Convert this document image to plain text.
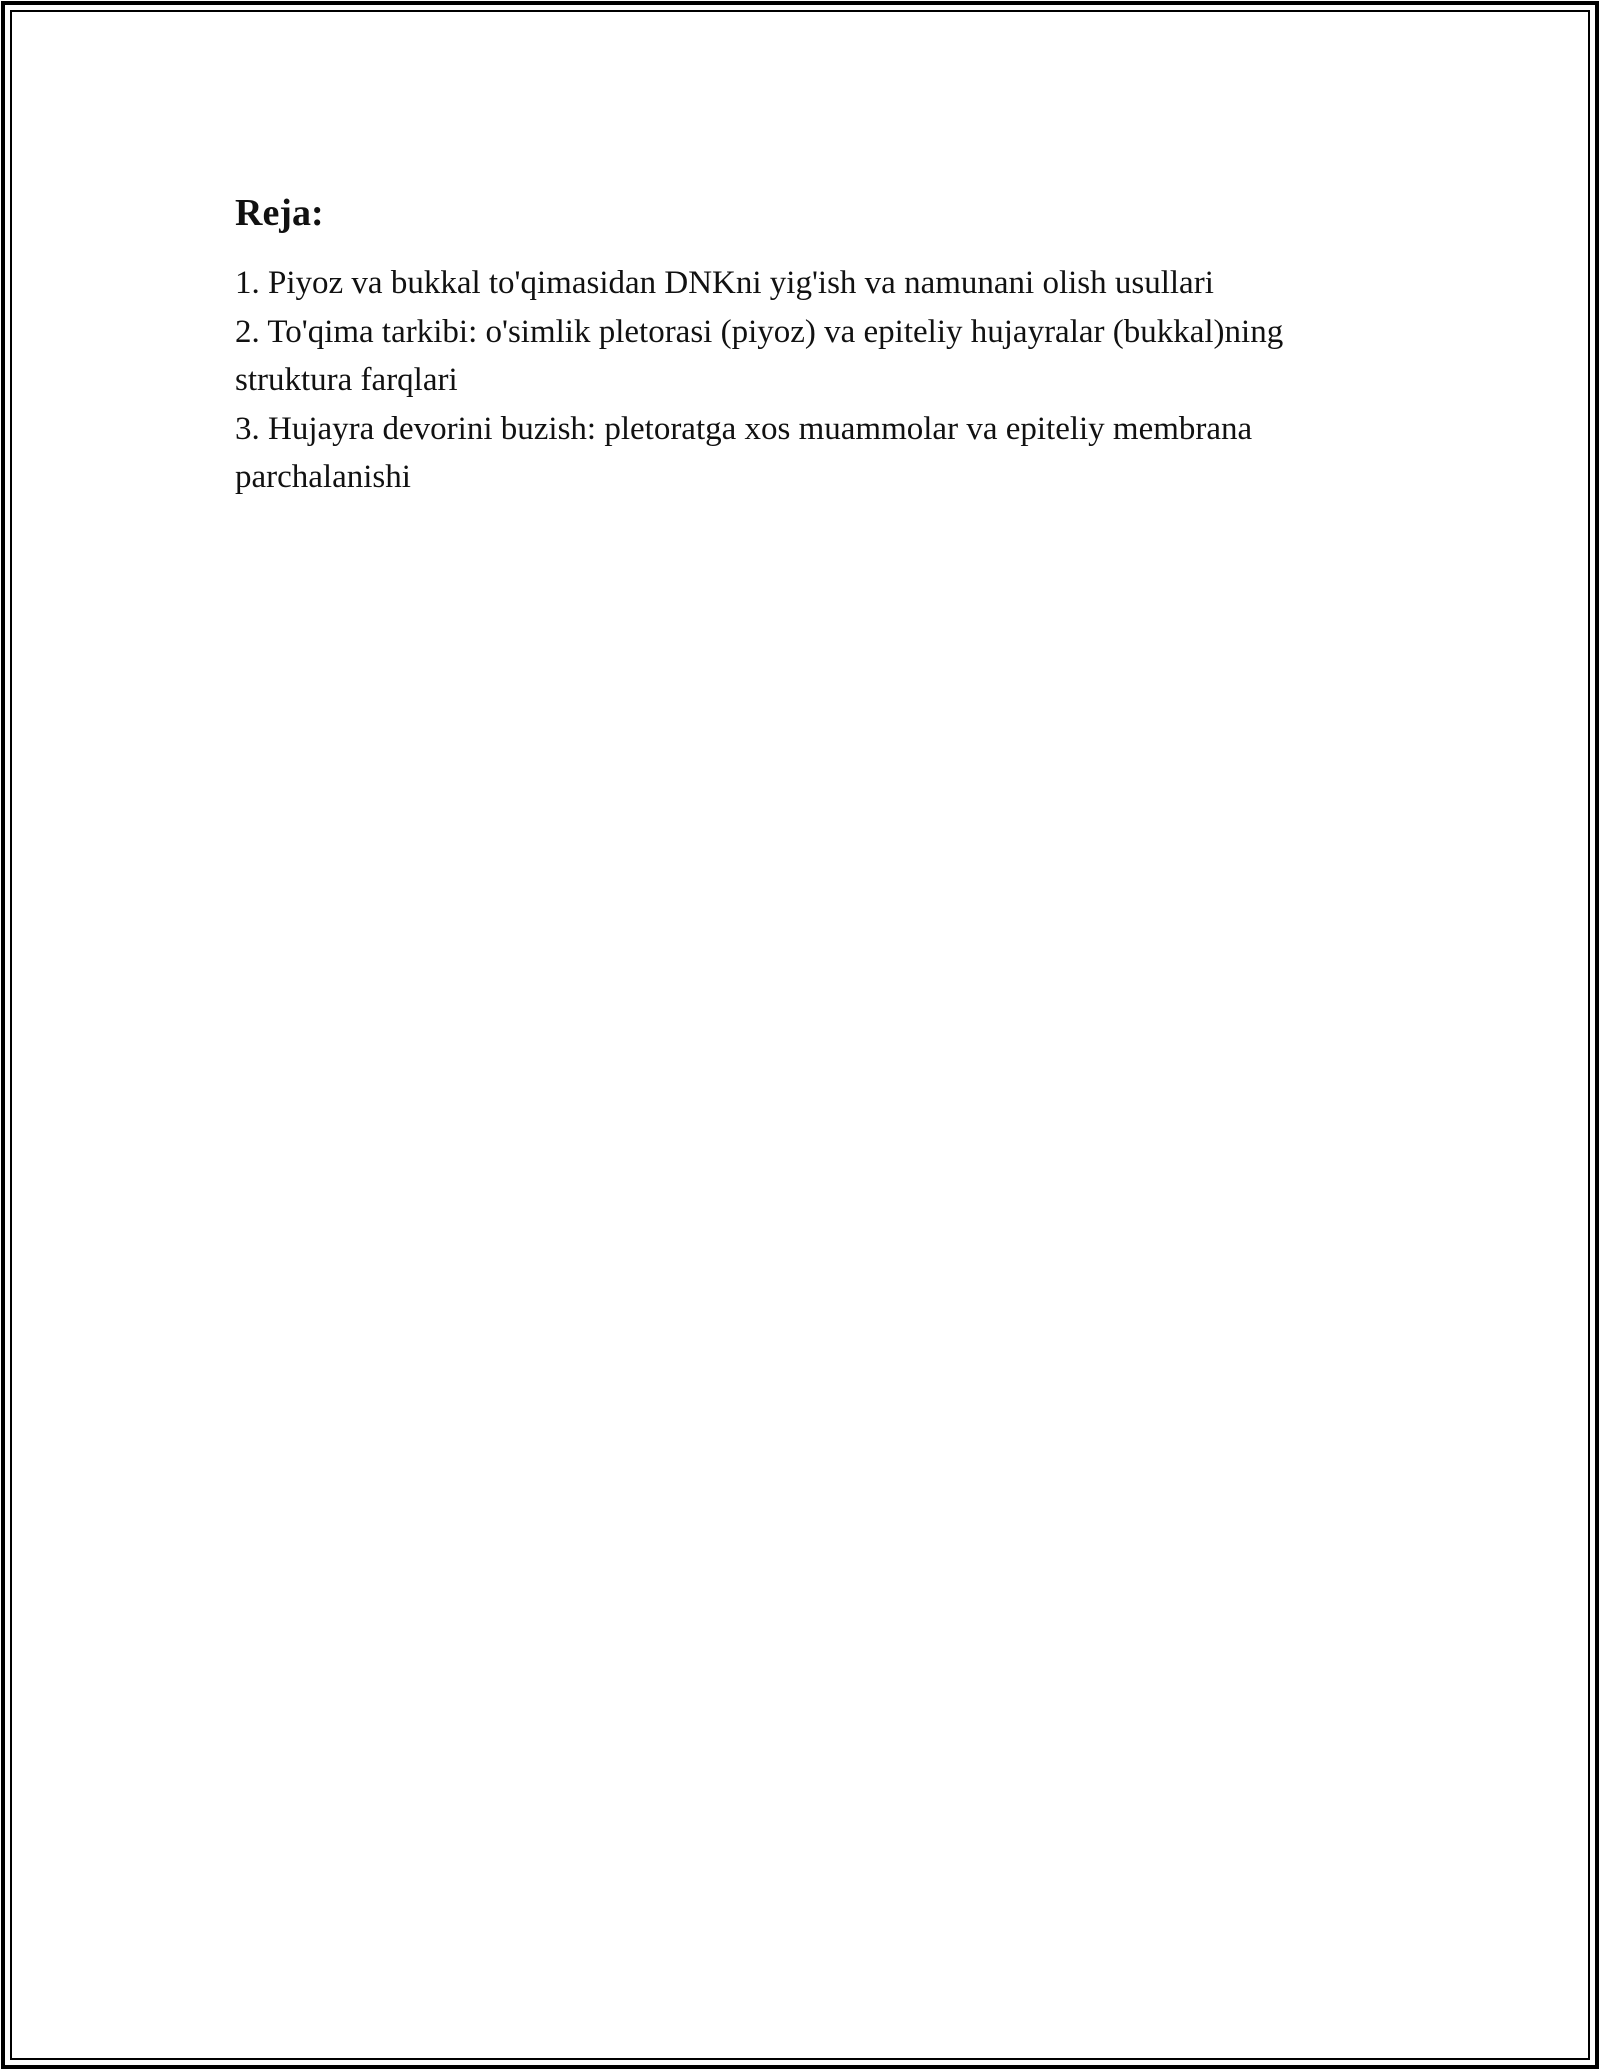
Reja:
1. Piyoz va bukkal to'qimasidan DNKni yig'ish va namunani olish usullari
2. To'qima tarkibi: o'simlik pletorasi (piyoz) va epiteliy hujayralar (bukkal)ning struktura farqlari
3. Hujayra devorini buzish: pletoratga xos muammolar va epiteliy membrana parchalanishi
